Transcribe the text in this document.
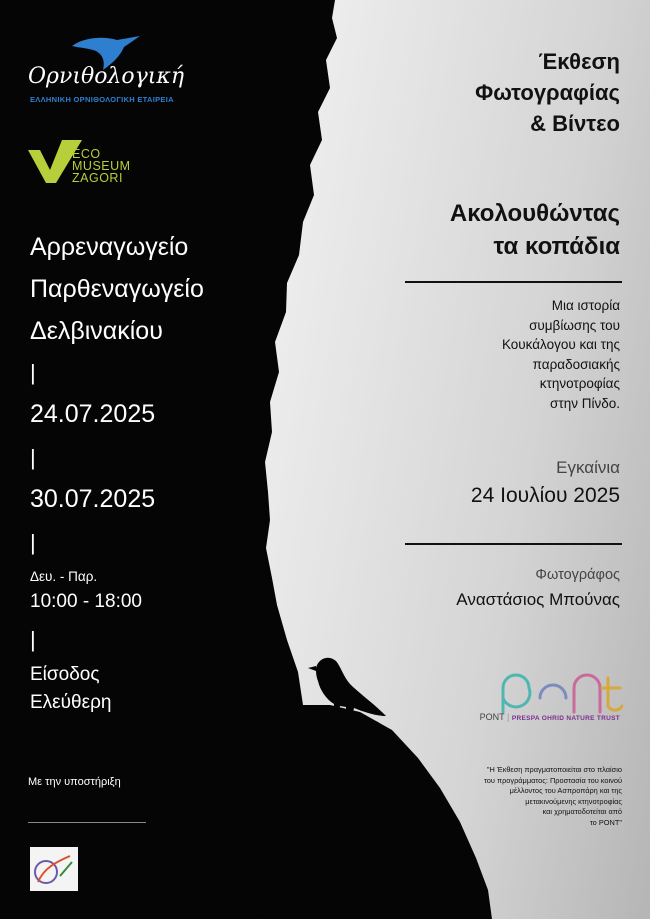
Ορνιθολογική
ΕΛΛΗΝΙΚΗ ΟΡΝΙΘΟΛΟΓΙΚΗ ΕΤΑΙΡΕΙΑ
ECO
MUSEUM
ZAGORI
Αρρεναγωγείο
Παρθεναγωγείο
Δελβινακίου
|
24.07.2025
|
30.07.2025
|
Δευ. - Παρ.
10:00 - 18:00
|
Είσοδος
Ελεύθερη
Με την υποστήριξη
Έκθεση
Φωτογραφίας
& Βίντεο
Ακολουθώντας
τα κοπάδια
Μια ιστορία
συμβίωσης του
Κουκάλογου και της
παραδοσιακής
κτηνοτροφίας
στην Πίνδο.
Εγκαίνια
24 Ιουλίου 2025
Φωτογράφος
Αναστάσιος Μπούνας
PONT | PRESPA OHRID NATURE TRUST
"Η Έκθεση πραγματοποιείται στο πλαίσιο
του προγράμματος: Προστασία του κοινού
μέλλοντος του Ασπροπάρη και της
μετακινούμενης κτηνοτροφίας
και χρηματοδοτείται από
το PONT"
